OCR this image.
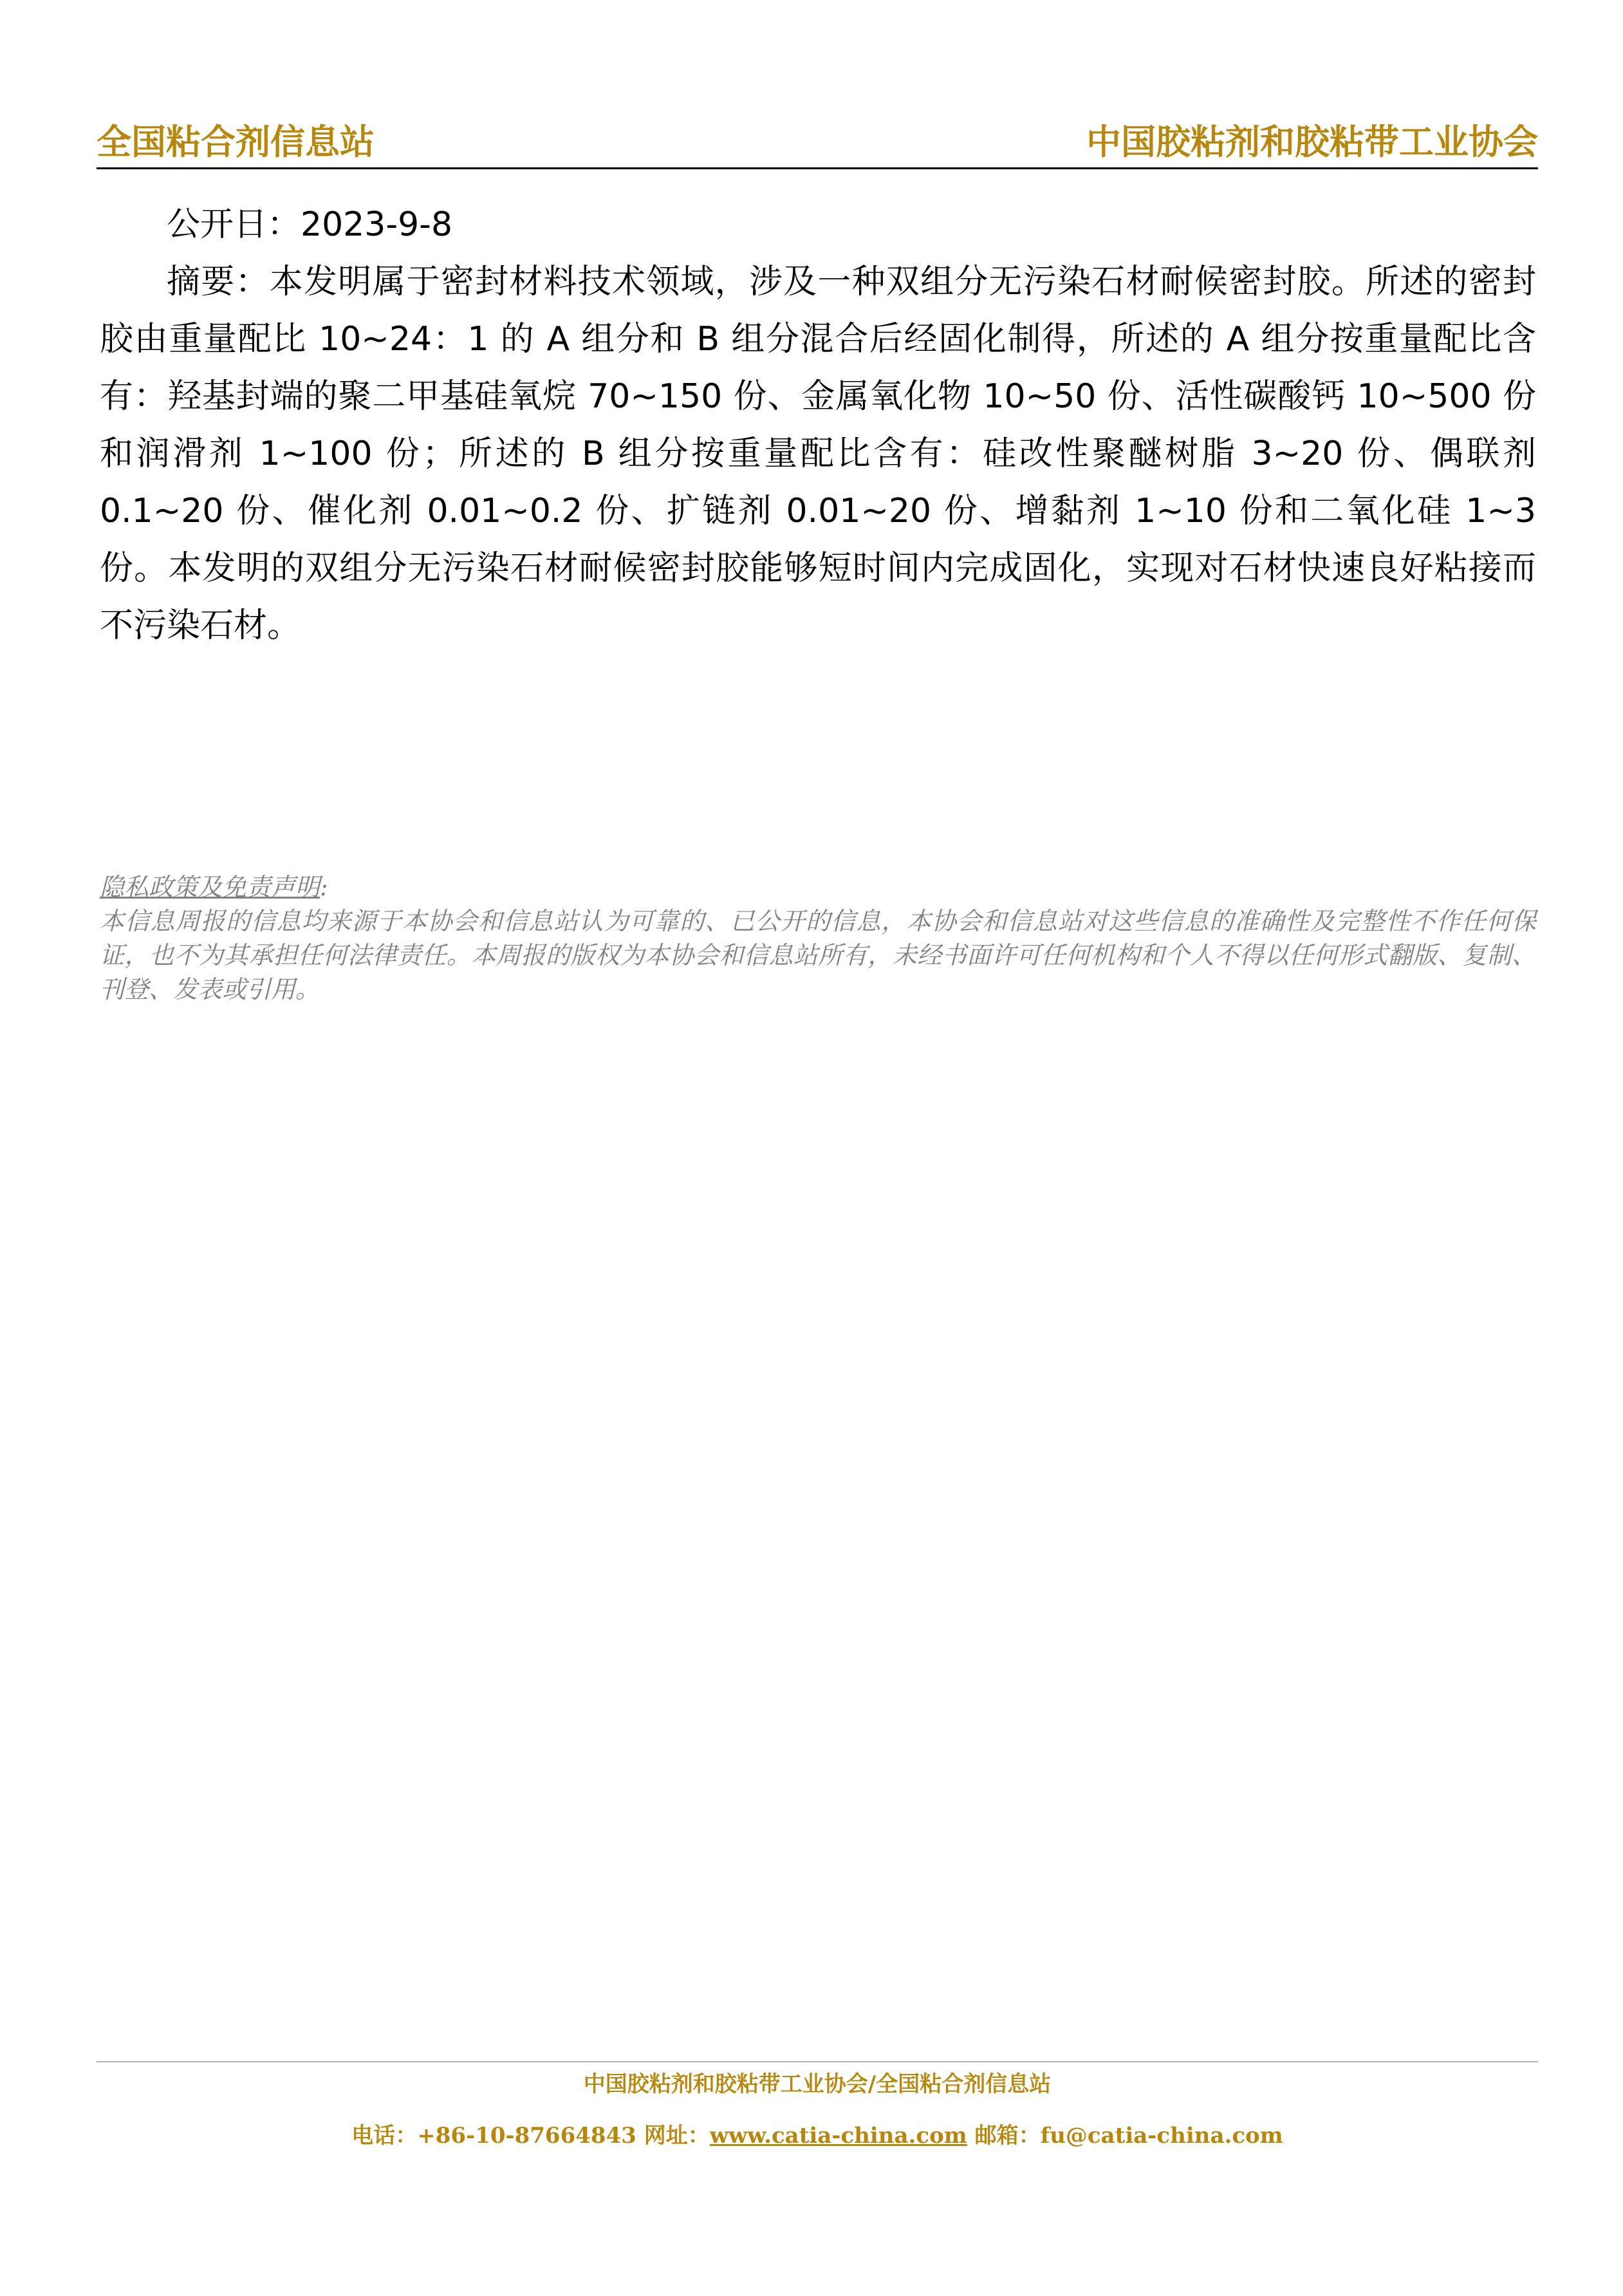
全国粘合剂信息站	中国胶粘剂和胶粘带工业协会

公开日：2023-9-8

摘要：本发明属于密封材料技术领域，涉及一种双组分无污染石材耐候密封胶。所述的密封胶由重量配比 10~24：1 的 A 组分和 B 组分混合后经固化制得，所述的 A 组分按重量配比含有：羟基封端的聚二甲基硅氧烷 70~150 份、金属氧化物 10~50 份、活性碳酸钙 10~500 份和润滑剂 1~100 份；所述的 B 组分按重量配比含有：硅改性聚醚树脂 3~20 份、偶联剂 0.1~20 份、催化剂 0.01~0.2 份、扩链剂 0.01~20 份、增黏剂 1~10 份和二氧化硅 1~3 份。本发明的双组分无污染石材耐候密封胶能够短时间内完成固化，实现对石材快速良好粘接而不污染石材。

隐私政策及免责声明:

本信息周报的信息均来源于本协会和信息站认为可靠的、已公开的信息，本协会和信息站对这些信息的准确性及完整性不作任何保证，也不为其承担任何法律责任。本周报的版权为本协会和信息站所有，未经书面许可任何机构和个人不得以任何形式翻版、复制、刊登、发表或引用。

中国胶粘剂和胶粘带工业协会/全国粘合剂信息站
电话：+86-10-87664843 网址：www.catia-china.com 邮箱：fu@catia-china.com
